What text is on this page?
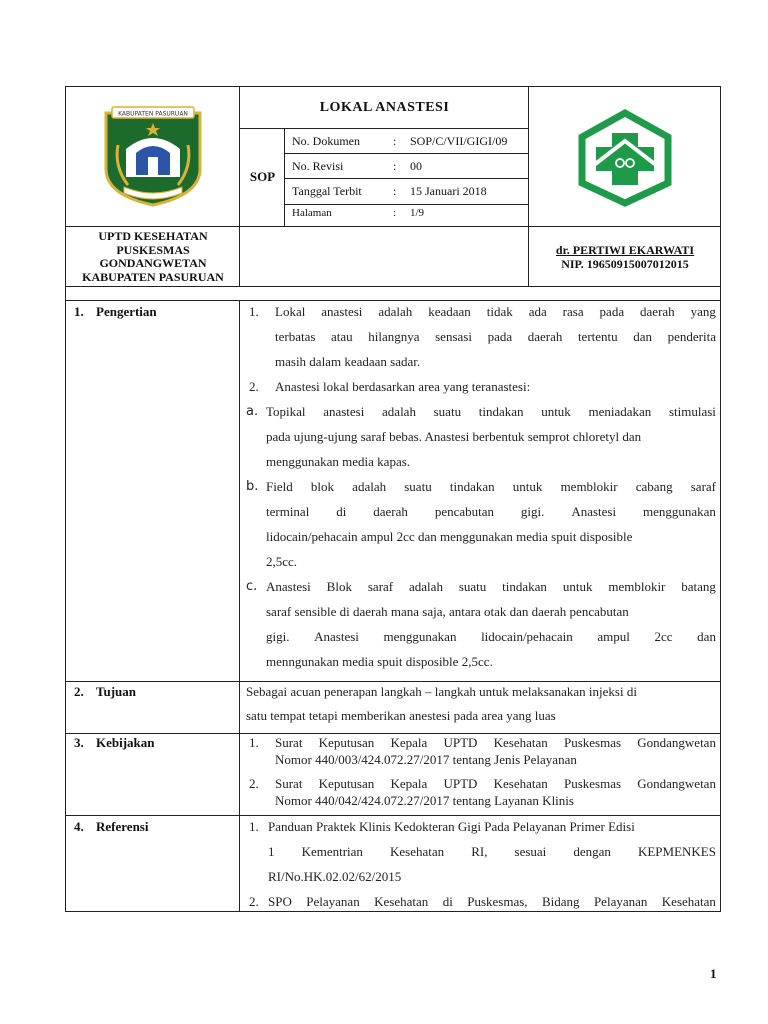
KABUPATEN PASURUAN	LOKAL ANASTESI
SOP
No. Dokumen	: SOP/C/VII/GIGI/09
No. Revisi	: 00
Tanggal Terbit	: 15 Januari 2018
Halaman	: 1/9
UPTD KESEHATAN
PUSKESMAS
GONDANGWETAN
KABUPATEN PASURUAN
dr. PERTIWI EKARWATI
NIP. 19650915007012015
1. Pengertian	1. Lokal anastesi adalah keadaan tidak ada rasa pada daerah yang
terbatas atau hilangnya sensasi pada daerah tertentu dan penderita
masih dalam keadaan sadar.
2. Anastesi lokal berdasarkan area yang teranastesi:
a. Topikal anastesi adalah suatu tindakan untuk meniadakan stimulasi
pada ujung-ujung saraf bebas. Anastesi berbentuk semprot chloretyl dan
menggunakan media kapas.
b. Field blok adalah suatu tindakan untuk memblokir cabang saraf
terminal di daerah pencabutan gigi. Anastesi menggunakan
lidocain/pehacain ampul 2cc dan menggunakan media spuit disposible
2,5cc.
c. Anastesi Blok saraf adalah suatu tindakan untuk memblokir batang
saraf sensible di daerah mana saja, antara otak dan daerah pencabutan
gigi. Anastesi menggunakan lidocain/pehacain ampul 2cc dan
menngunakan media spuit disposible 2,5cc.
2. Tujuan	Sebagai acuan penerapan langkah – langkah untuk melaksanakan injeksi di
satu tempat tetapi memberikan anestesi pada area yang luas
3. Kebijakan	1. Surat Keputusan Kepala UPTD Kesehatan Puskesmas Gondangwetan
Nomor 440/003/424.072.27/2017 tentang Jenis Pelayanan
2. Surat Keputusan Kepala UPTD Kesehatan Puskesmas Gondangwetan
Nomor 440/042/424.072.27/2017 tentang Layanan Klinis
4. Referensi	1. Panduan Praktek Klinis Kedokteran Gigi Pada Pelayanan Primer Edisi
1 Kementrian Kesehatan RI, sesuai dengan KEPMENKES
RI/No.HK.02.02/62/2015
2. SPO Pelayanan Kesehatan di Puskesmas, Bidang Pelayanan Kesehatan
1
